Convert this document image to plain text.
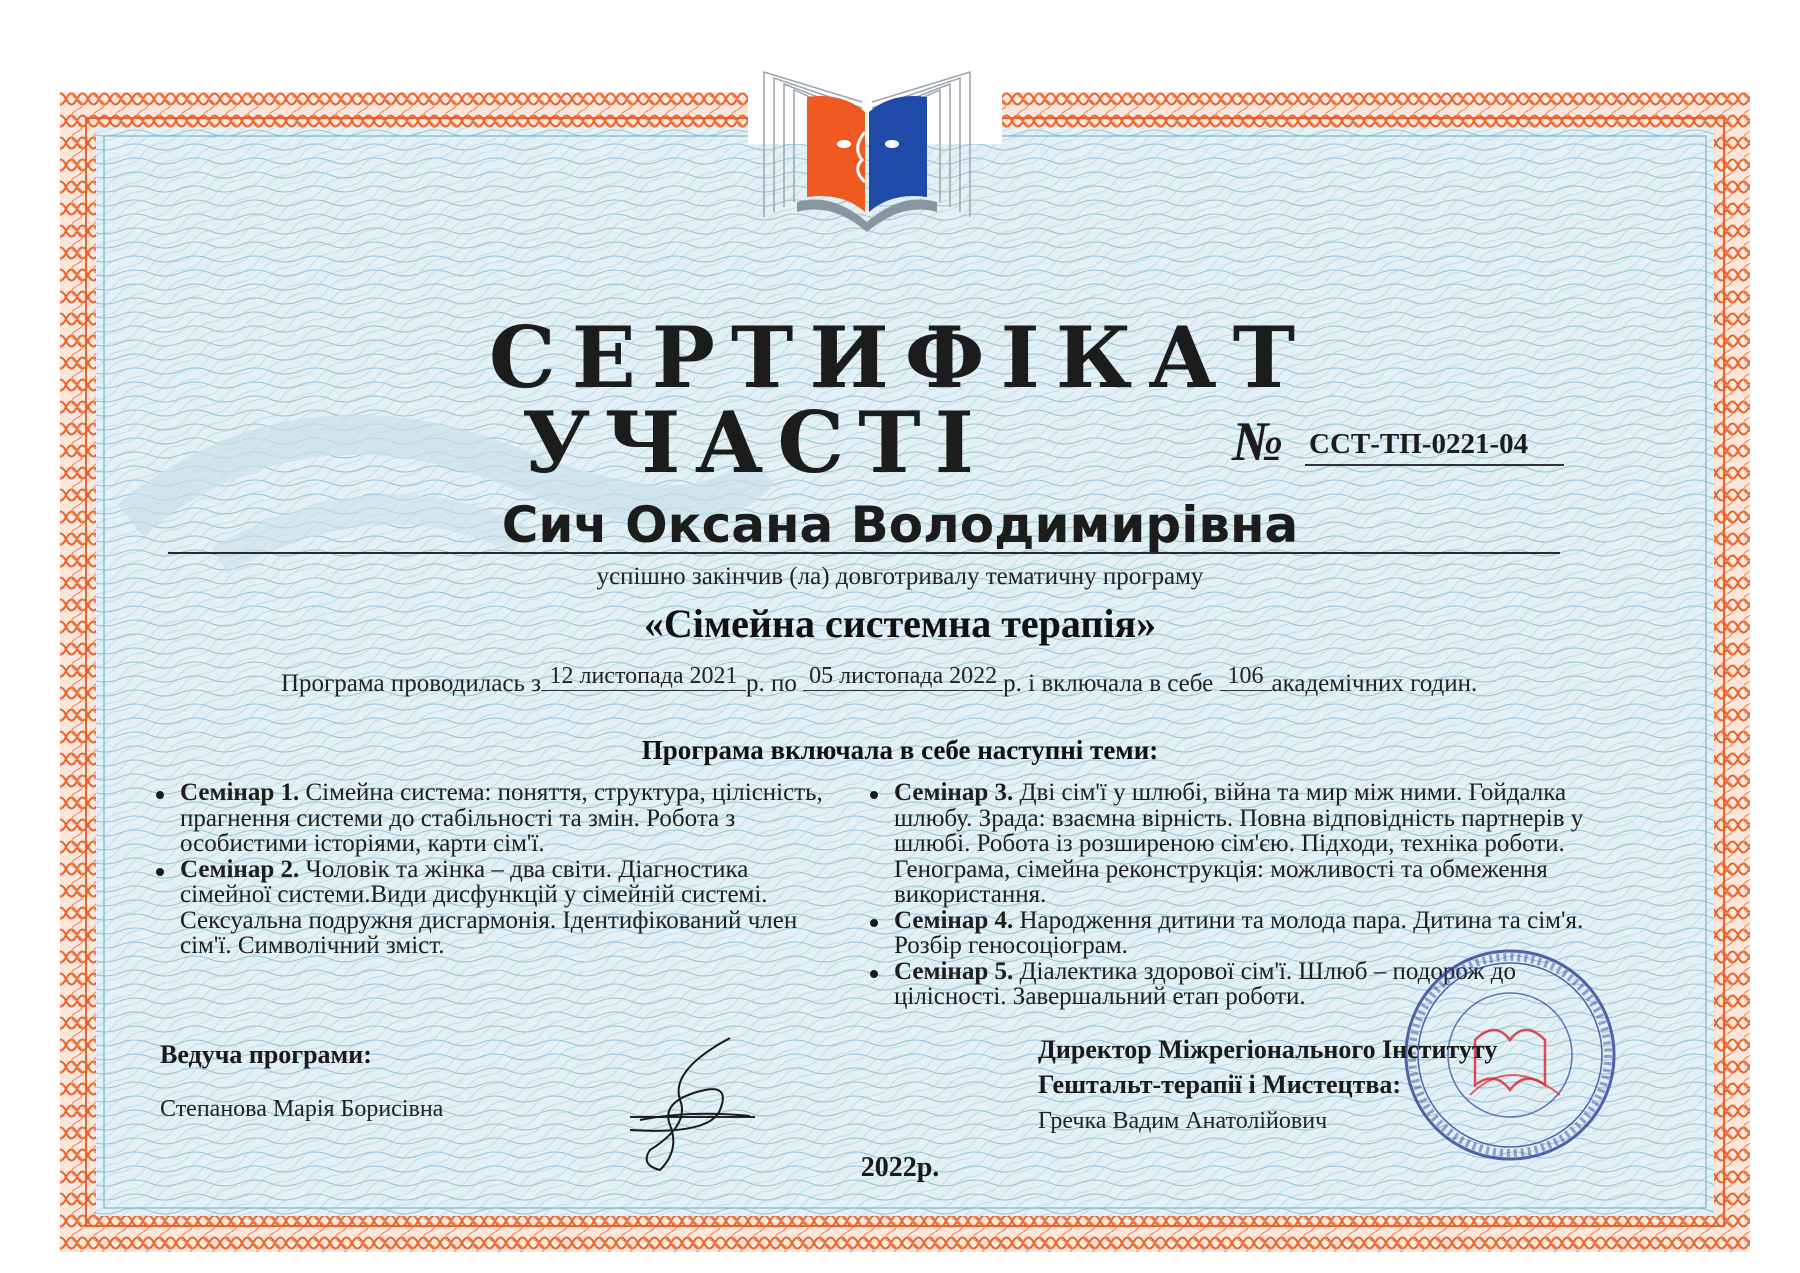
СЕРТИФІКАТ
УЧАСТІ	№ ССТ-ТП-0221-04
Сич Оксана Володимирівна
успішно закінчив (ла) довготривалу тематичну програму
«Сімейна системна терапія»
Програма проводилась з 12 листопада 2021 р. по 05 листопада 2022 р. і включала в себе 106 академічних годин.
Програма включала в себе наступні теми:

Семінар 1. Сімейна система: поняття, структура, цілісність, прагнення системи до стабільності та змін. Робота з особистими історіями, карти сім'ї.

Семінар 2. Чоловік та жінка – два світи. Діагностика сімейної системи.Види дисфункцій у сімейній системі. Сексуальна подружня дисгармонія. Ідентифікований член сім'ї. Символічний зміст.

Семінар 3. Дві сім'ї у шлюбі, війна та мир між ними. Гойдалка шлюбу. Зрада: взаємна вірність. Повна відповідність партнерів у шлюбі. Робота із розширеною сім'єю. Підходи, техніка роботи. Генограма, сімейна реконструкція: можливості та обмеження використання.

Семінар 4. Народження дитини та молода пара. Дитина та сім'я. Розбір геносоціограм.

Семінар 5. Діалектика здорової сім'ї. Шлюб – подорож до цілісності. Завершальний етап роботи.

Ведуча програми:
Степанова Марія Борисівна
Директор Міжрегіонального Інституту
Гештальт-терапії і Мистецтва:
Гречка Вадим Анатолійович
2022р.
